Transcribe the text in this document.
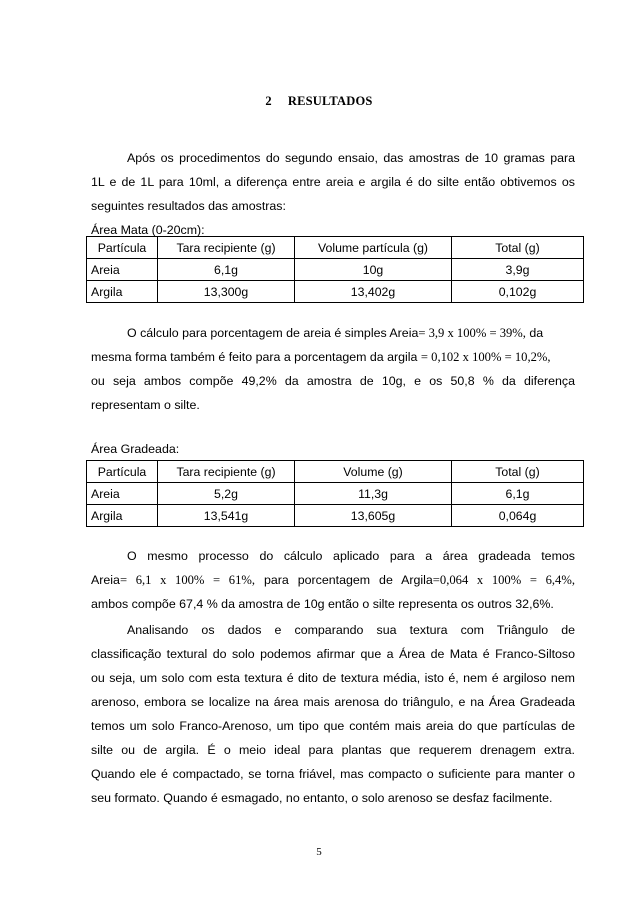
2 RESULTADOS
Após os procedimentos do segundo ensaio, das amostras de 10 gramas para
1L e de 1L para 10ml, a diferença entre areia e argila é do silte então obtivemos os
seguintes resultados das amostras:
Área Mata (0-20cm):
Partícula	Tara recipiente (g)	Volume partícula (g)	Total (g)
Areia	6,1g	10g	3,9g
Argila	13,300g	13,402g	0,102g
O cálculo para porcentagem de areia é simples Areia= 3,9 x 100% = 39%, da
mesma forma também é feito para a porcentagem da argila = 0,102 x 100% = 10,2%,
ou seja ambos compõe 49,2% da amostra de 10g, e os 50,8 % da diferença
representam o silte.
Área Gradeada:
Partícula	Tara recipiente (g)	Volume (g)	Total (g)
Areia	5,2g	11,3g	6,1g
Argila	13,541g	13,605g	0,064g
O mesmo processo do cálculo aplicado para a área gradeada temos
Areia= 6,1 x 100% = 61%, para porcentagem de Argila=0,064 x 100% = 6,4%,
ambos compõe 67,4 % da amostra de 10g então o silte representa os outros 32,6%.
Analisando os dados e comparando sua textura com Triângulo de
classificação textural do solo podemos afirmar que a Área de Mata é Franco-Siltoso
ou seja, um solo com esta textura é dito de textura média, isto é, nem é argiloso nem
arenoso, embora se localize na área mais arenosa do triângulo, e na Área Gradeada
temos um solo Franco-Arenoso, um tipo que contém mais areia do que partículas de
silte ou de argila. É o meio ideal para plantas que requerem drenagem extra.
Quando ele é compactado, se torna friável, mas compacto o suficiente para manter o
seu formato. Quando é esmagado, no entanto, o solo arenoso se desfaz facilmente.
5
